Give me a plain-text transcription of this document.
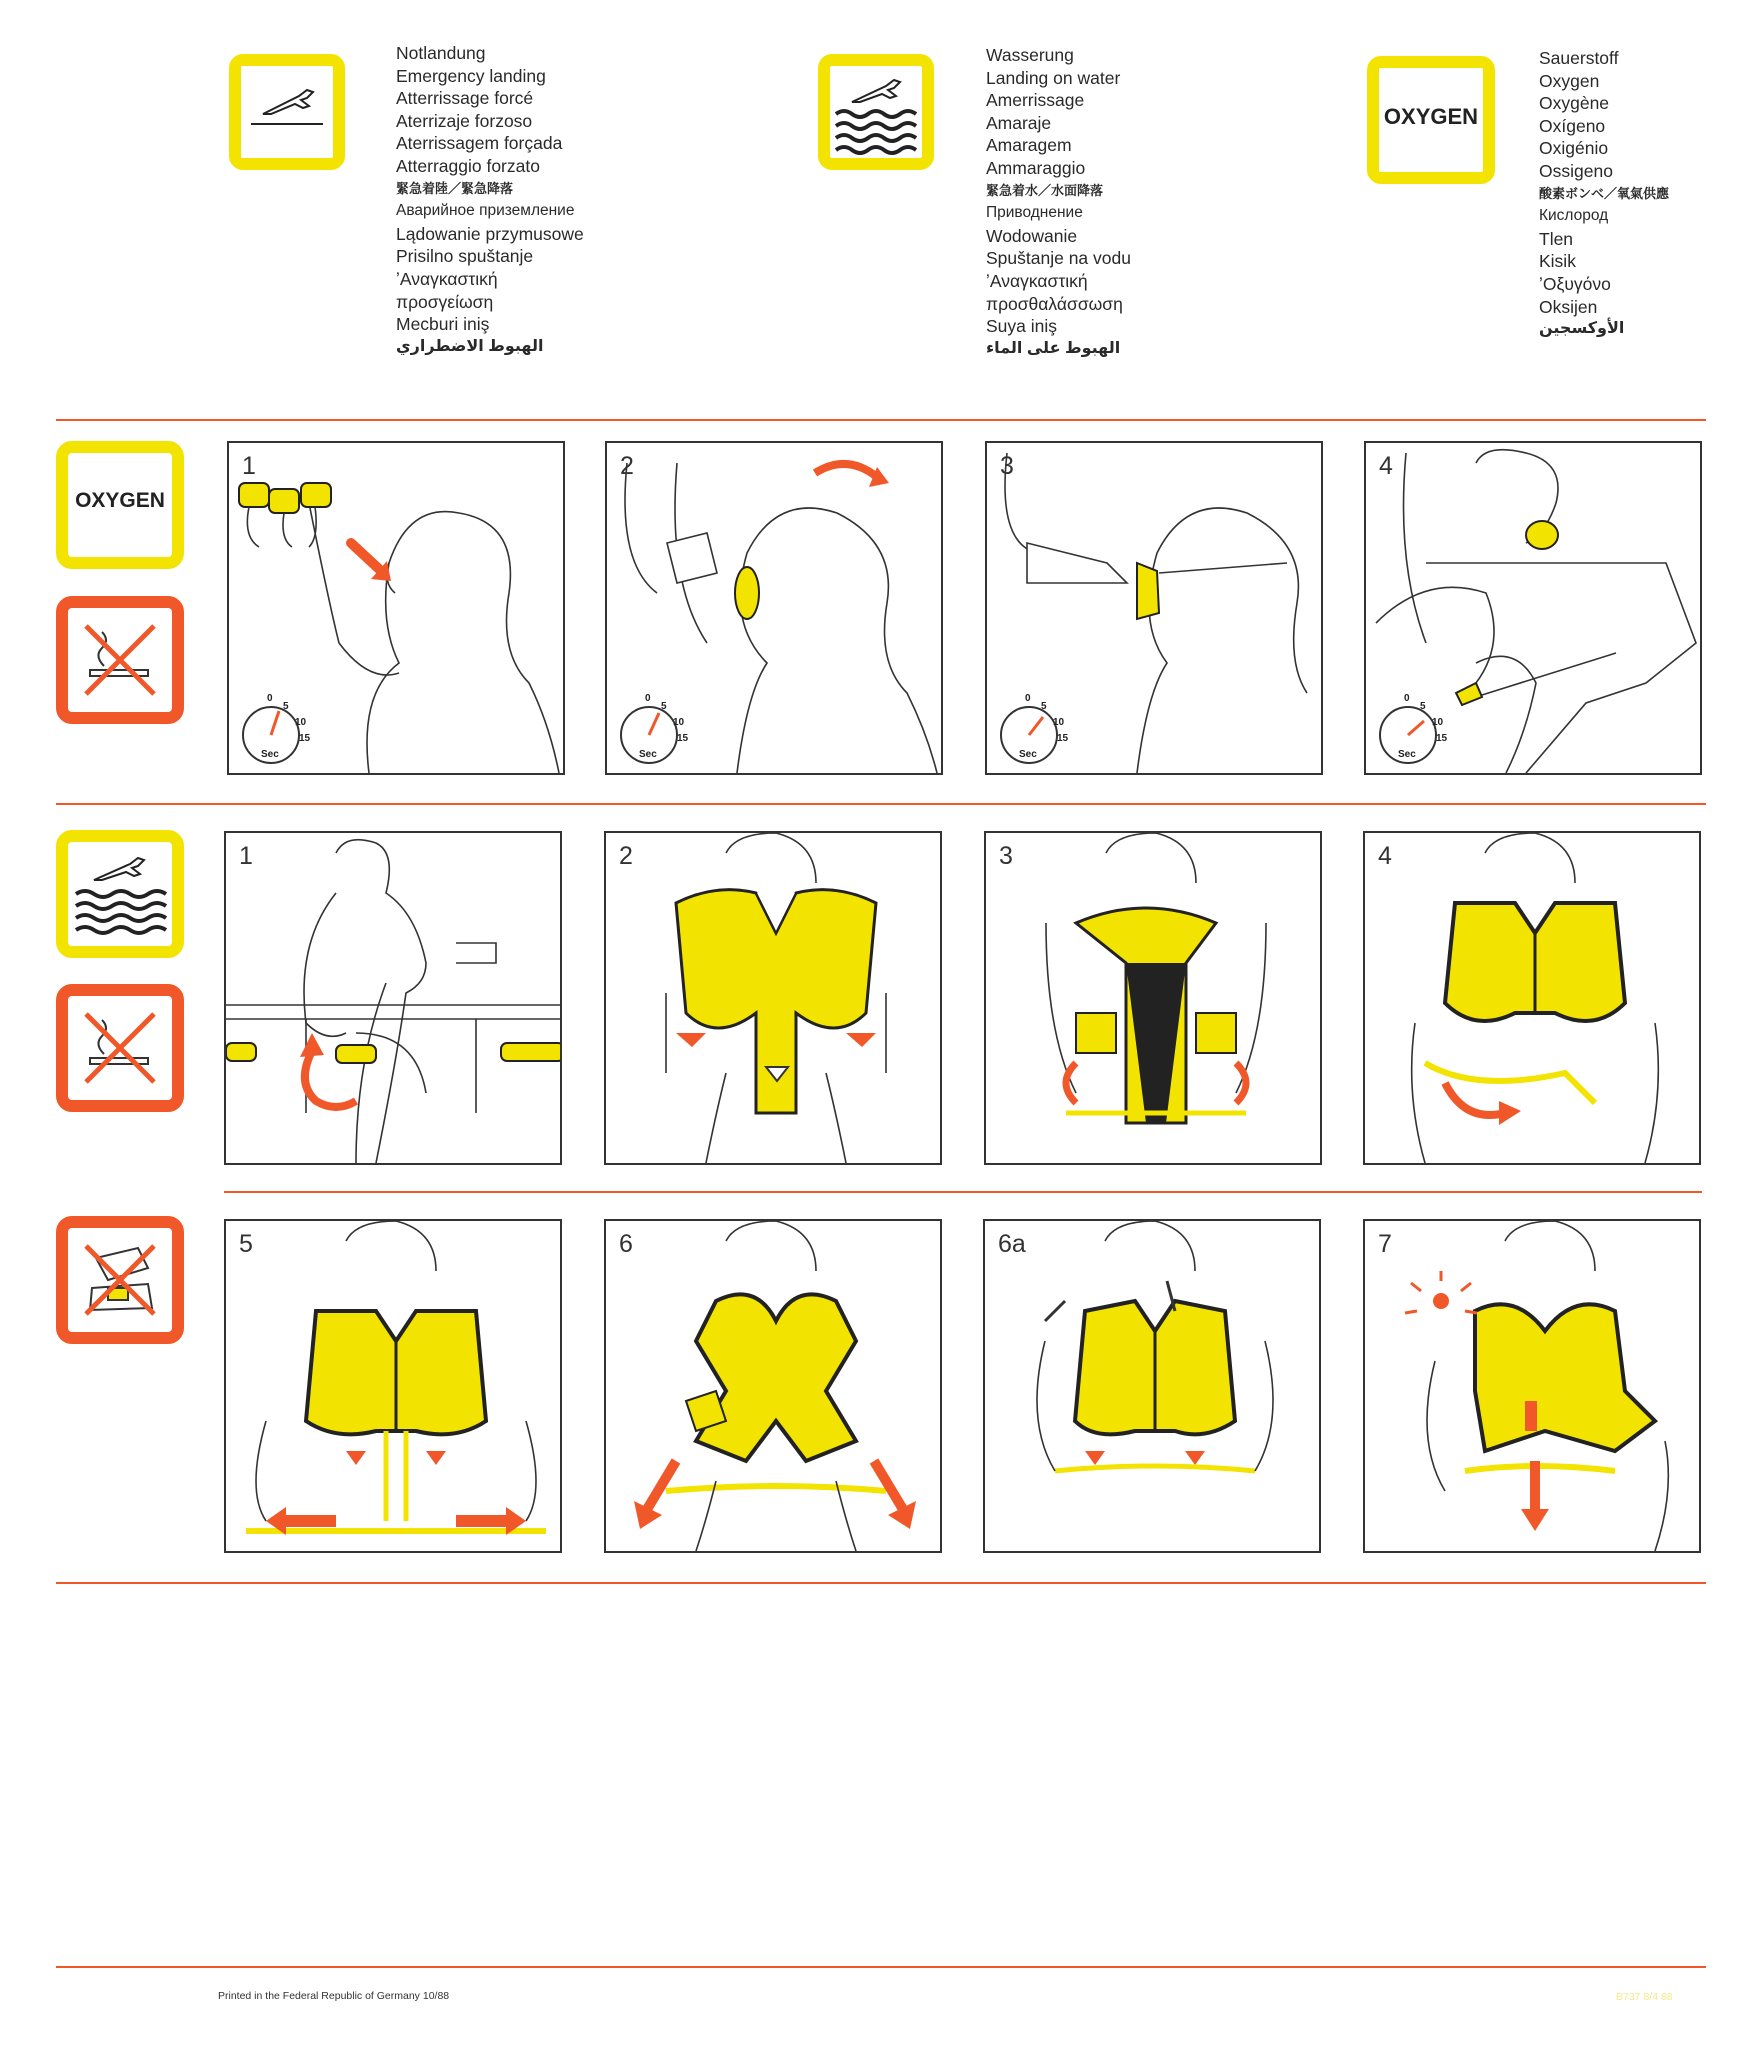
Notlandung
Emergency landing
Atterrissage forcé
Aterrizaje forzoso
Aterrissagem forçada
Atterraggio forzato
緊急着陸／緊急降落
Аварийное приземление
Lądowanie przymusowe
Prisilno spuštanje
ʼΑναγκαστική
προσγείωση
Mecburi iniş
الهبوط الاضطراري
Wasserung
Landing on water
Amerrissage
Amaraje
Amaragem
Ammaraggio
緊急着水／水面降落
Приводнение
Wodowanie
Spuštanje na vodu
ʼΑναγκαστική
προσθαλάσσωση
Suya iniş
الهبوط على الماء
OXYGEN
Sauerstoff
Oxygen
Oxygène
Oxígeno
Oxigénio
Ossigeno
酸素ボンベ／氧氣供應
Кислород
Tlen
Kisik
ʼΟξυγόνο
Oksijen
الأوكسجين
OXYGEN
1
0
5
10
15
Sec
2
0
5
10
15
Sec
3
0
5
10
15
Sec
4
0
5
10
15
Sec
1	2	3	4
5	6	6a	7
Printed in the Federal Republic of Germany 10/88	B737 8/4 88
